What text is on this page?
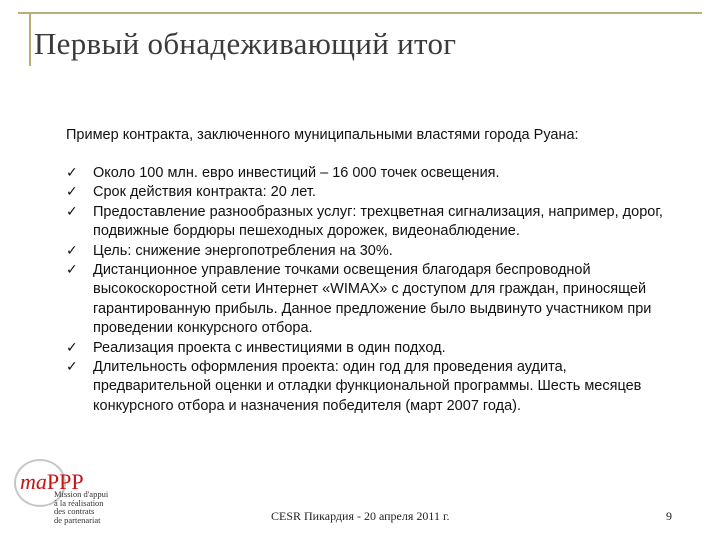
Первый обнадеживающий итог
Пример контракта, заключенного муниципальными властями города Руана:
✓ Около 100 млн. евро инвестиций – 16 000 точек освещения.
✓ Срок действия контракта: 20 лет.
✓ Предоставление разнообразных услуг: трехцветная сигнализация, например, дорог, подвижные бордюры пешеходных дорожек, видеонаблюдение.
✓ Цель: снижение энергопотребления на 30%.
✓ Дистанционное управление точками освещения благодаря беспроводной высокоскоростной сети Интернет «WIMAX» с доступом для граждан, приносящей гарантированную прибыль. Данное предложение было выдвинуто участником при проведении конкурсного отбора.
✓ Реализация проекта с инвестициями в один подход.
✓ Длительность оформления проекта: один год для проведения аудита, предварительной оценки и отладки функциональной программы. Шесть месяцев конкурсного отбора и назначения победителя (март 2007 года).
maPPP
Mission d'appui
à la réalisation
des contrats
de partenariat	CESR Пикардия - 20 апреля 2011 г.	9
